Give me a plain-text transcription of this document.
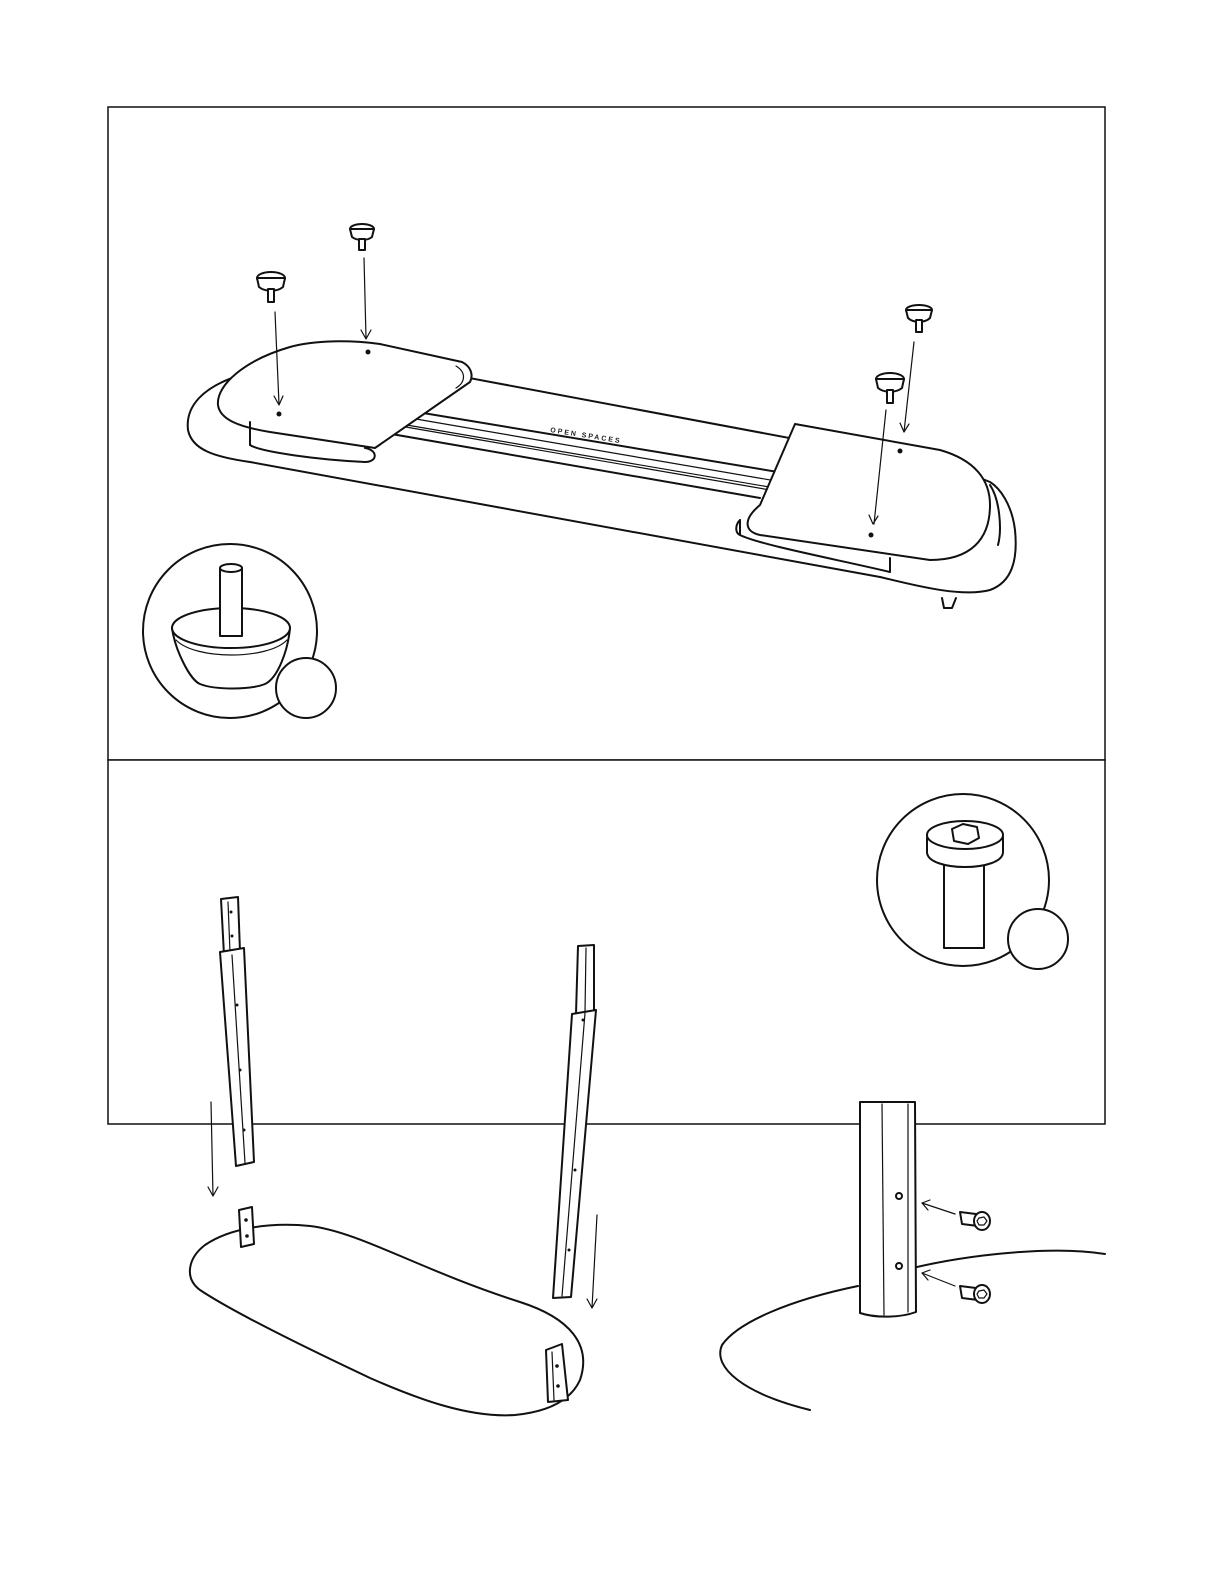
OPEN SPACES
